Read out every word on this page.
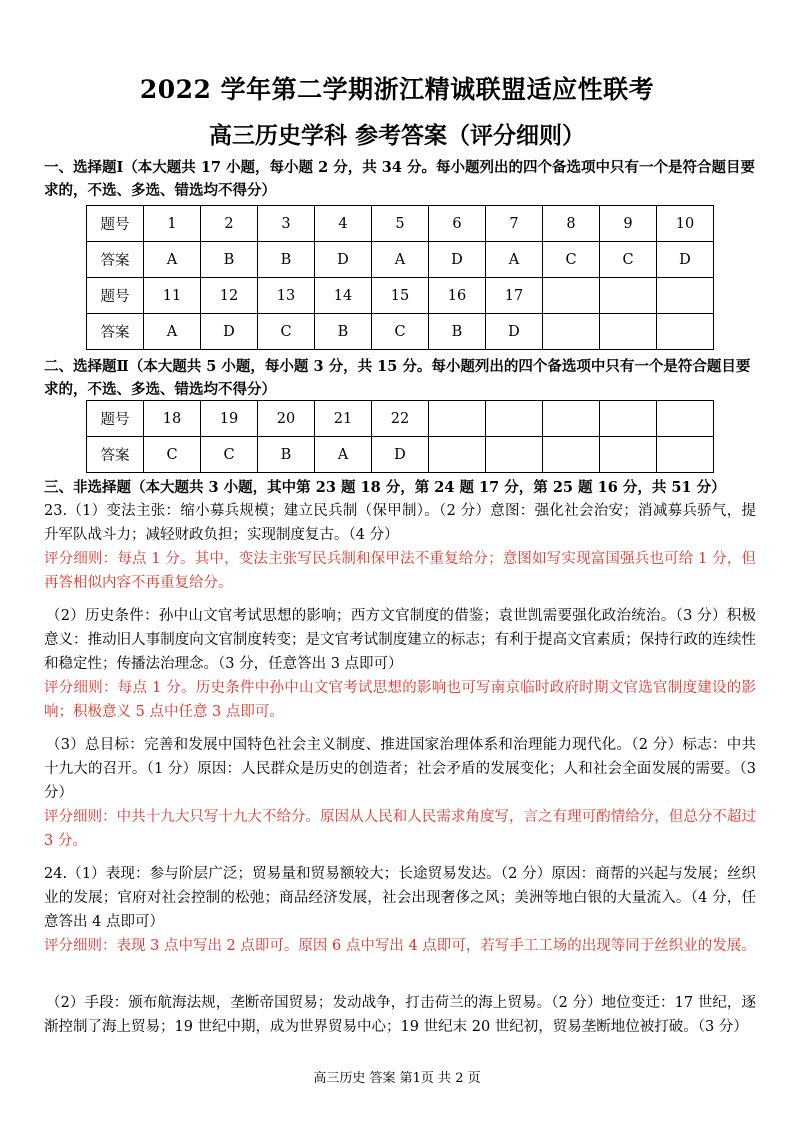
2022 学年第二学期浙江精诚联盟适应性联考
高三历史学科 参考答案（评分细则）
一、选择题Ⅰ（本大题共 17 小题，每小题 2 分，共 34 分。每小题列出的四个备选项中只有一个是符合题目要求的，不选、多选、错选均不得分）
题号	1	2	3	4	5	6	7	8	9	10
答案	A	B	B	D	A	D	A	C	C	D
题号	11	12	13	14	15	16	17			
答案	A	D	C	B	C	B	D			
二、选择题Ⅱ（本大题共 5 小题，每小题 3 分，共 15 分。每小题列出的四个备选项中只有一个是符合题目要求的，不选、多选、错选均不得分）
题号	18	19	20	21	22					
答案	C	C	B	A	D					
三、非选择题（本大题共 3 小题，其中第 23 题 18 分，第 24 题 17 分，第 25 题 16 分，共 51 分）
23.（1）变法主张：缩小募兵规模；建立民兵制（保甲制）。（2 分）意图：强化社会治安；消减募兵骄气，提升军队战斗力；减轻财政负担；实现制度复古。（4 分）
评分细则：每点 1 分。其中，变法主张写民兵制和保甲法不重复给分；意图如写实现富国强兵也可给 1 分，但再答相似内容不再重复给分。
（2）历史条件：孙中山文官考试思想的影响；西方文官制度的借鉴；袁世凯需要强化政治统治。（3 分）积极意义：推动旧人事制度向文官制度转变；是文官考试制度建立的标志；有利于提高文官素质；保持行政的连续性和稳定性；传播法治理念。（3 分，任意答出 3 点即可）
评分细则：每点 1 分。历史条件中孙中山文官考试思想的影响也可写南京临时政府时期文官选官制度建设的影响；积极意义 5 点中任意 3 点即可。
（3）总目标：完善和发展中国特色社会主义制度、推进国家治理体系和治理能力现代化。（2 分）标志：中共十九大的召开。（1 分）原因：人民群众是历史的创造者；社会矛盾的发展变化；人和社会全面发展的需要。（3 分）
评分细则：中共十九大只写十九大不给分。原因从人民和人民需求角度写，言之有理可酌情给分，但总分不超过 3 分。
24.（1）表现：参与阶层广泛；贸易量和贸易额较大；长途贸易发达。（2 分）原因：商帮的兴起与发展；丝织业的发展；官府对社会控制的松弛；商品经济发展，社会出现奢侈之风；美洲等地白银的大量流入。（4 分，任意答出 4 点即可）
评分细则：表现 3 点中写出 2 点即可。原因 6 点中写出 4 点即可，若写手工工场的出现等同于丝织业的发展。
（2）手段：颁布航海法规，垄断帝国贸易；发动战争，打击荷兰的海上贸易。（2 分）地位变迁：17 世纪，逐渐控制了海上贸易；19 世纪中期，成为世界贸易中心；19 世纪末 20 世纪初，贸易垄断地位被打破。（3 分）
高三历史 答案 第1页 共 2 页
